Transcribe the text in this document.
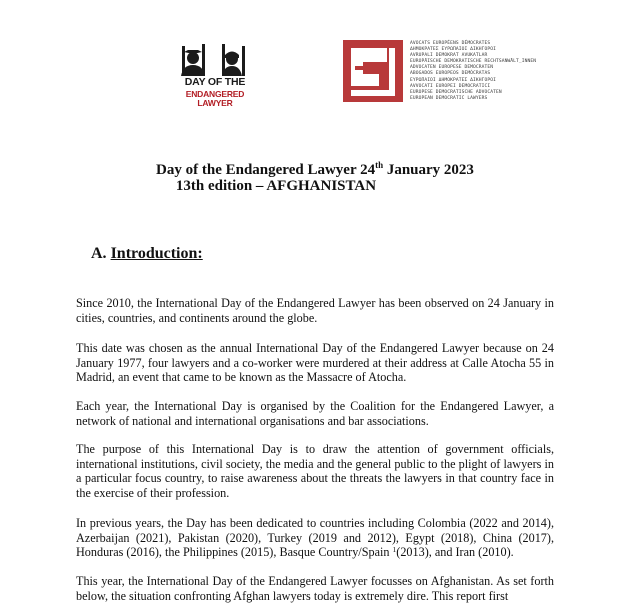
DAY OF THE
ENDANGERED LAWYER
AVOCATS EUROPÉENS DÉMOCRATES
ΔΗΜΟΚΡΑΤΕΣ ΕΥΡΩΠΑΙΟΙ ΔΙΚΗΓΟΡΟΙ
AVRUPALI DEMOKRAT AVUKATLAR
EUROPÄISCHE DEMOKRATISCHE RECHTSANWÄLT_INNEN
ADVOCATEN EUROPESE DEMOCRATEN
ABOGADOS EUROPEOS DEMÓCRATAS
ΕΥΡΩΠΑΙΟΙ ΔΗΜΟΚΡΑΤΕΣ ΔΙΚΗΓΟΡΟΙ
AVVOCATI EUROPEI DEMOCRATICI
EUROPESE DEMOCRATISCHE ADVOCATEN
EUROPEAN DEMOCRATIC LAWYERS
Day of the Endangered Lawyer 24th January 2023
13th edition – AFGHANISTAN
A. Introduction:
Since 2010, the International Day of the Endangered Lawyer has been observed on 24 January in cities, countries, and continents around the globe.
This date was chosen as the annual International Day of the Endangered Lawyer because on 24 January 1977, four lawyers and a co-worker were murdered at their address at Calle Atocha 55 in Madrid, an event that came to be known as the Massacre of Atocha.
Each year, the International Day is organised by the Coalition for the Endangered Lawyer, a network of national and international organisations and bar associations.
The purpose of this International Day is to draw the attention of government officials, international institutions, civil society, the media and the general public to the plight of lawyers in a particular focus country, to raise awareness about the threats the lawyers in that country face in the exercise of their profession.
In previous years, the Day has been dedicated to countries including Colombia (2022 and 2014), Azerbaijan (2021), Pakistan (2020), Turkey (2019 and 2012), Egypt (2018), China (2017), Honduras (2016), the Philippines (2015), Basque Country/Spain $^1$(2013), and Iran (2010).
This year, the International Day of the Endangered Lawyer focusses on Afghanistan. As set forth below, the situation confronting Afghan lawyers today is extremely dire. This report first
